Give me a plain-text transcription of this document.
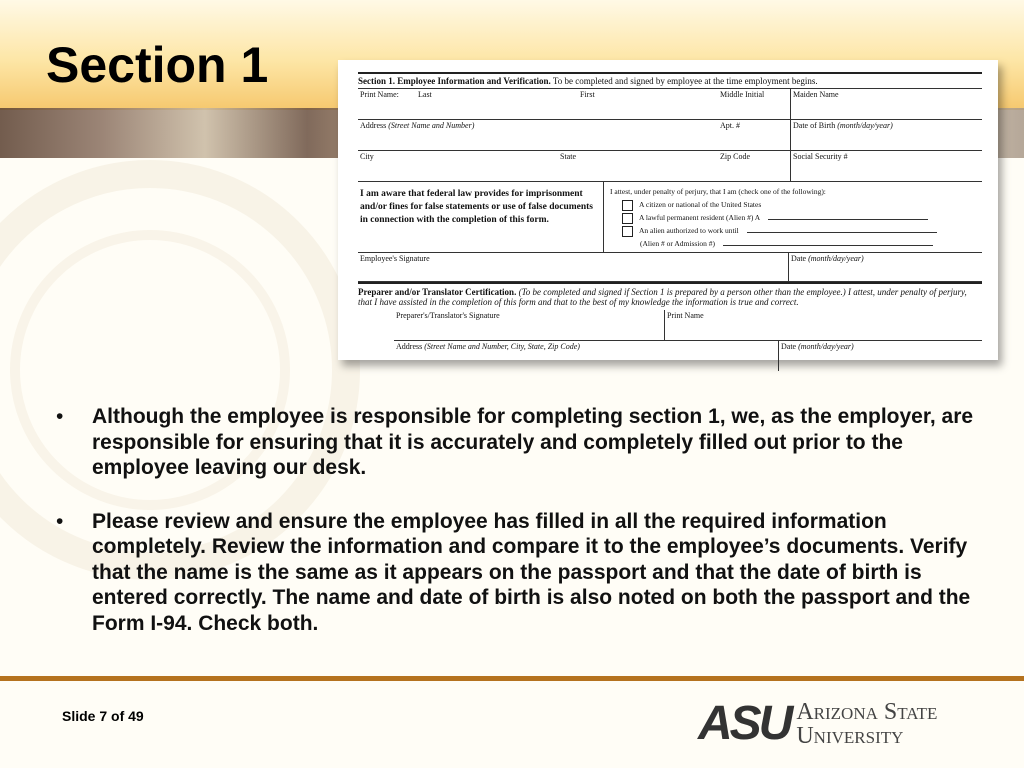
Section 1	Section 1. Employee Information and Verification. To be completed and signed by employee at the time employment begins.
Print Name:	Last	First	Middle Initial	Maiden Name
Address (Street Name and Number)	Apt. #	Date of Birth (month/day/year)
City	State	Zip Code	Social Security #
I am aware that federal law provides for imprisonment and/or fines for false statements or use of false documents in connection with the completion of this form.
I attest, under penalty of perjury, that I am (check one of the following):
A citizen or national of the United States
A lawful permanent resident (Alien #) A
An alien authorized to work until
(Alien # or Admission #)
Employee's Signature	Date (month/day/year)
Preparer and/or Translator Certification. (To be completed and signed if Section 1 is prepared by a person other than the employee.) I attest, under penalty of perjury, that I have assisted in the completion of this form and that to the best of my knowledge the information is true and correct.
Preparer's/Translator's Signature	Print Name
Address (Street Name and Number, City, State, Zip Code)	Date (month/day/year)
• Although the employee is responsible for completing section 1, we, as the employer, are responsible for ensuring that it is accurately and completely filled out prior to the employee leaving our desk.
• Please review and ensure the employee has filled in all the required information completely. Review the information and compare it to the employee’s documents. Verify that the name is the same as it appears on the passport and that the date of birth is entered correctly. The name and date of birth is also noted on both the passport and the Form I-94. Check both.
Slide 7 of 49	ASU Arizona State
University
